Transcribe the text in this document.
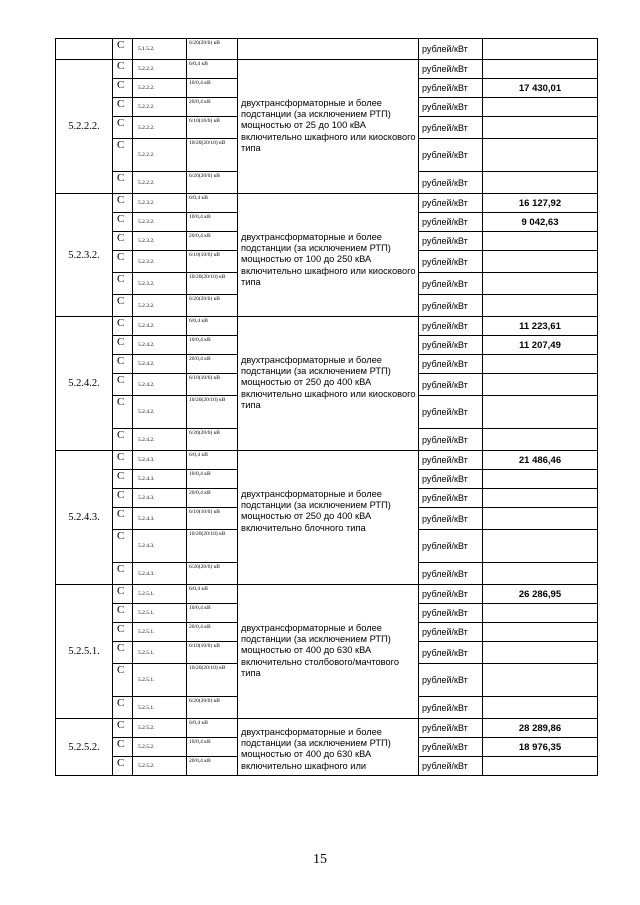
	С	5.1.5.2.	6/20(20/6) кВ		рублей/кВт	
5.2.2.2.	С	5.2.2.2.	6/0,4 кВ	двухтрансформаторные и более подстанции (за исключением РТП) мощностью от 25 до 100 кВА включительно шкафного или киоскового типа	рублей/кВт	
	С	5.2.2.2.	10/0,4 кВ		рублей/кВт	17 430,01
	С	5.2.2.2.	20/0,4 кВ		рублей/кВт	
	С	5.2.2.2.	6/10(10/6) кВ		рублей/кВт	
	С	5.2.2.2.	10/20(20/10) кВ		рублей/кВт	
	С	5.2.2.2.	6/20(20/6) кВ		рублей/кВт	
5.2.3.2.	С	5.2.3.2.	6/0,4 кВ	двухтрансформаторные и более подстанции (за исключением РТП) мощностью от 100 до 250 кВА включительно шкафного или киоскового типа	рублей/кВт	16 127,92
	С	5.2.3.2.	10/0,4 кВ		рублей/кВт	9 042,63
	С	5.2.3.2.	20/0,4 кВ		рублей/кВт	
	С	5.2.3.2.	6/10(10/6) кВ		рублей/кВт	
	С	5.2.3.2.	10/20(20/10) кВ		рублей/кВт	
	С	5.2.3.2.	6/20(20/6) кВ		рублей/кВт	
5.2.4.2.	С	5.2.4.2.	6/0,4 кВ	двухтрансформаторные и более подстанции (за исключением РТП) мощностью от 250 до 400 кВА включительно шкафного или киоскового типа	рублей/кВт	11 223,61
	С	5.2.4.2.	10/0,4 кВ		рублей/кВт	11 207,49
	С	5.2.4.2.	20/0,4 кВ		рублей/кВт	
	С	5.2.4.2.	6/10(10/6) кВ		рублей/кВт	
	С	5.2.4.2.	10/20(20/10) кВ		рублей/кВт	
	С	5.2.4.2.	6/20(20/6) кВ		рублей/кВт	
5.2.4.3.	С	5.2.4.3.	6/0,4 кВ	двухтрансформаторные и более подстанции (за исключением РТП) мощностью от 250 до 400 кВА включительно блочного типа	рублей/кВт	21 486,46
	С	5.2.4.3.	10/0,4 кВ		рублей/кВт	
	С	5.2.4.3.	20/0,4 кВ		рублей/кВт	
	С	5.2.4.3.	6/10(10/6) кВ		рублей/кВт	
	С	5.2.4.3.	10/20(20/10) кВ		рублей/кВт	
	С	5.2.4.3.	6/20(20/6) кВ		рублей/кВт	
5.2.5.1.	С	5.2.5.1.	6/0,4 кВ	двухтрансформаторные и более подстанции (за исключением РТП) мощностью от 400 до 630 кВА включительно столбового/мачтового типа	рублей/кВт	26 286,95
	С	5.2.5.1.	10/0,4 кВ		рублей/кВт	
	С	5.2.5.1.	20/0,4 кВ		рублей/кВт	
	С	5.2.5.1.	6/10(10/6) кВ		рублей/кВт	
	С	5.2.5.1.	10/20(20/10) кВ		рублей/кВт	
	С	5.2.5.1.	6/20(20/6) кВ		рублей/кВт	
5.2.5.2.	С	5.2.5.2.	6/0,4 кВ	двухтрансформаторные и более подстанции (за исключением РТП) мощностью от 400 до 630 кВА включительно шкафного или	рублей/кВт	28 289,86
	С	5.2.5.2.	10/0,4 кВ		рублей/кВт	18 976,35
	С	5.2.5.2.	20/0,4 кВ		рублей/кВт	
15
